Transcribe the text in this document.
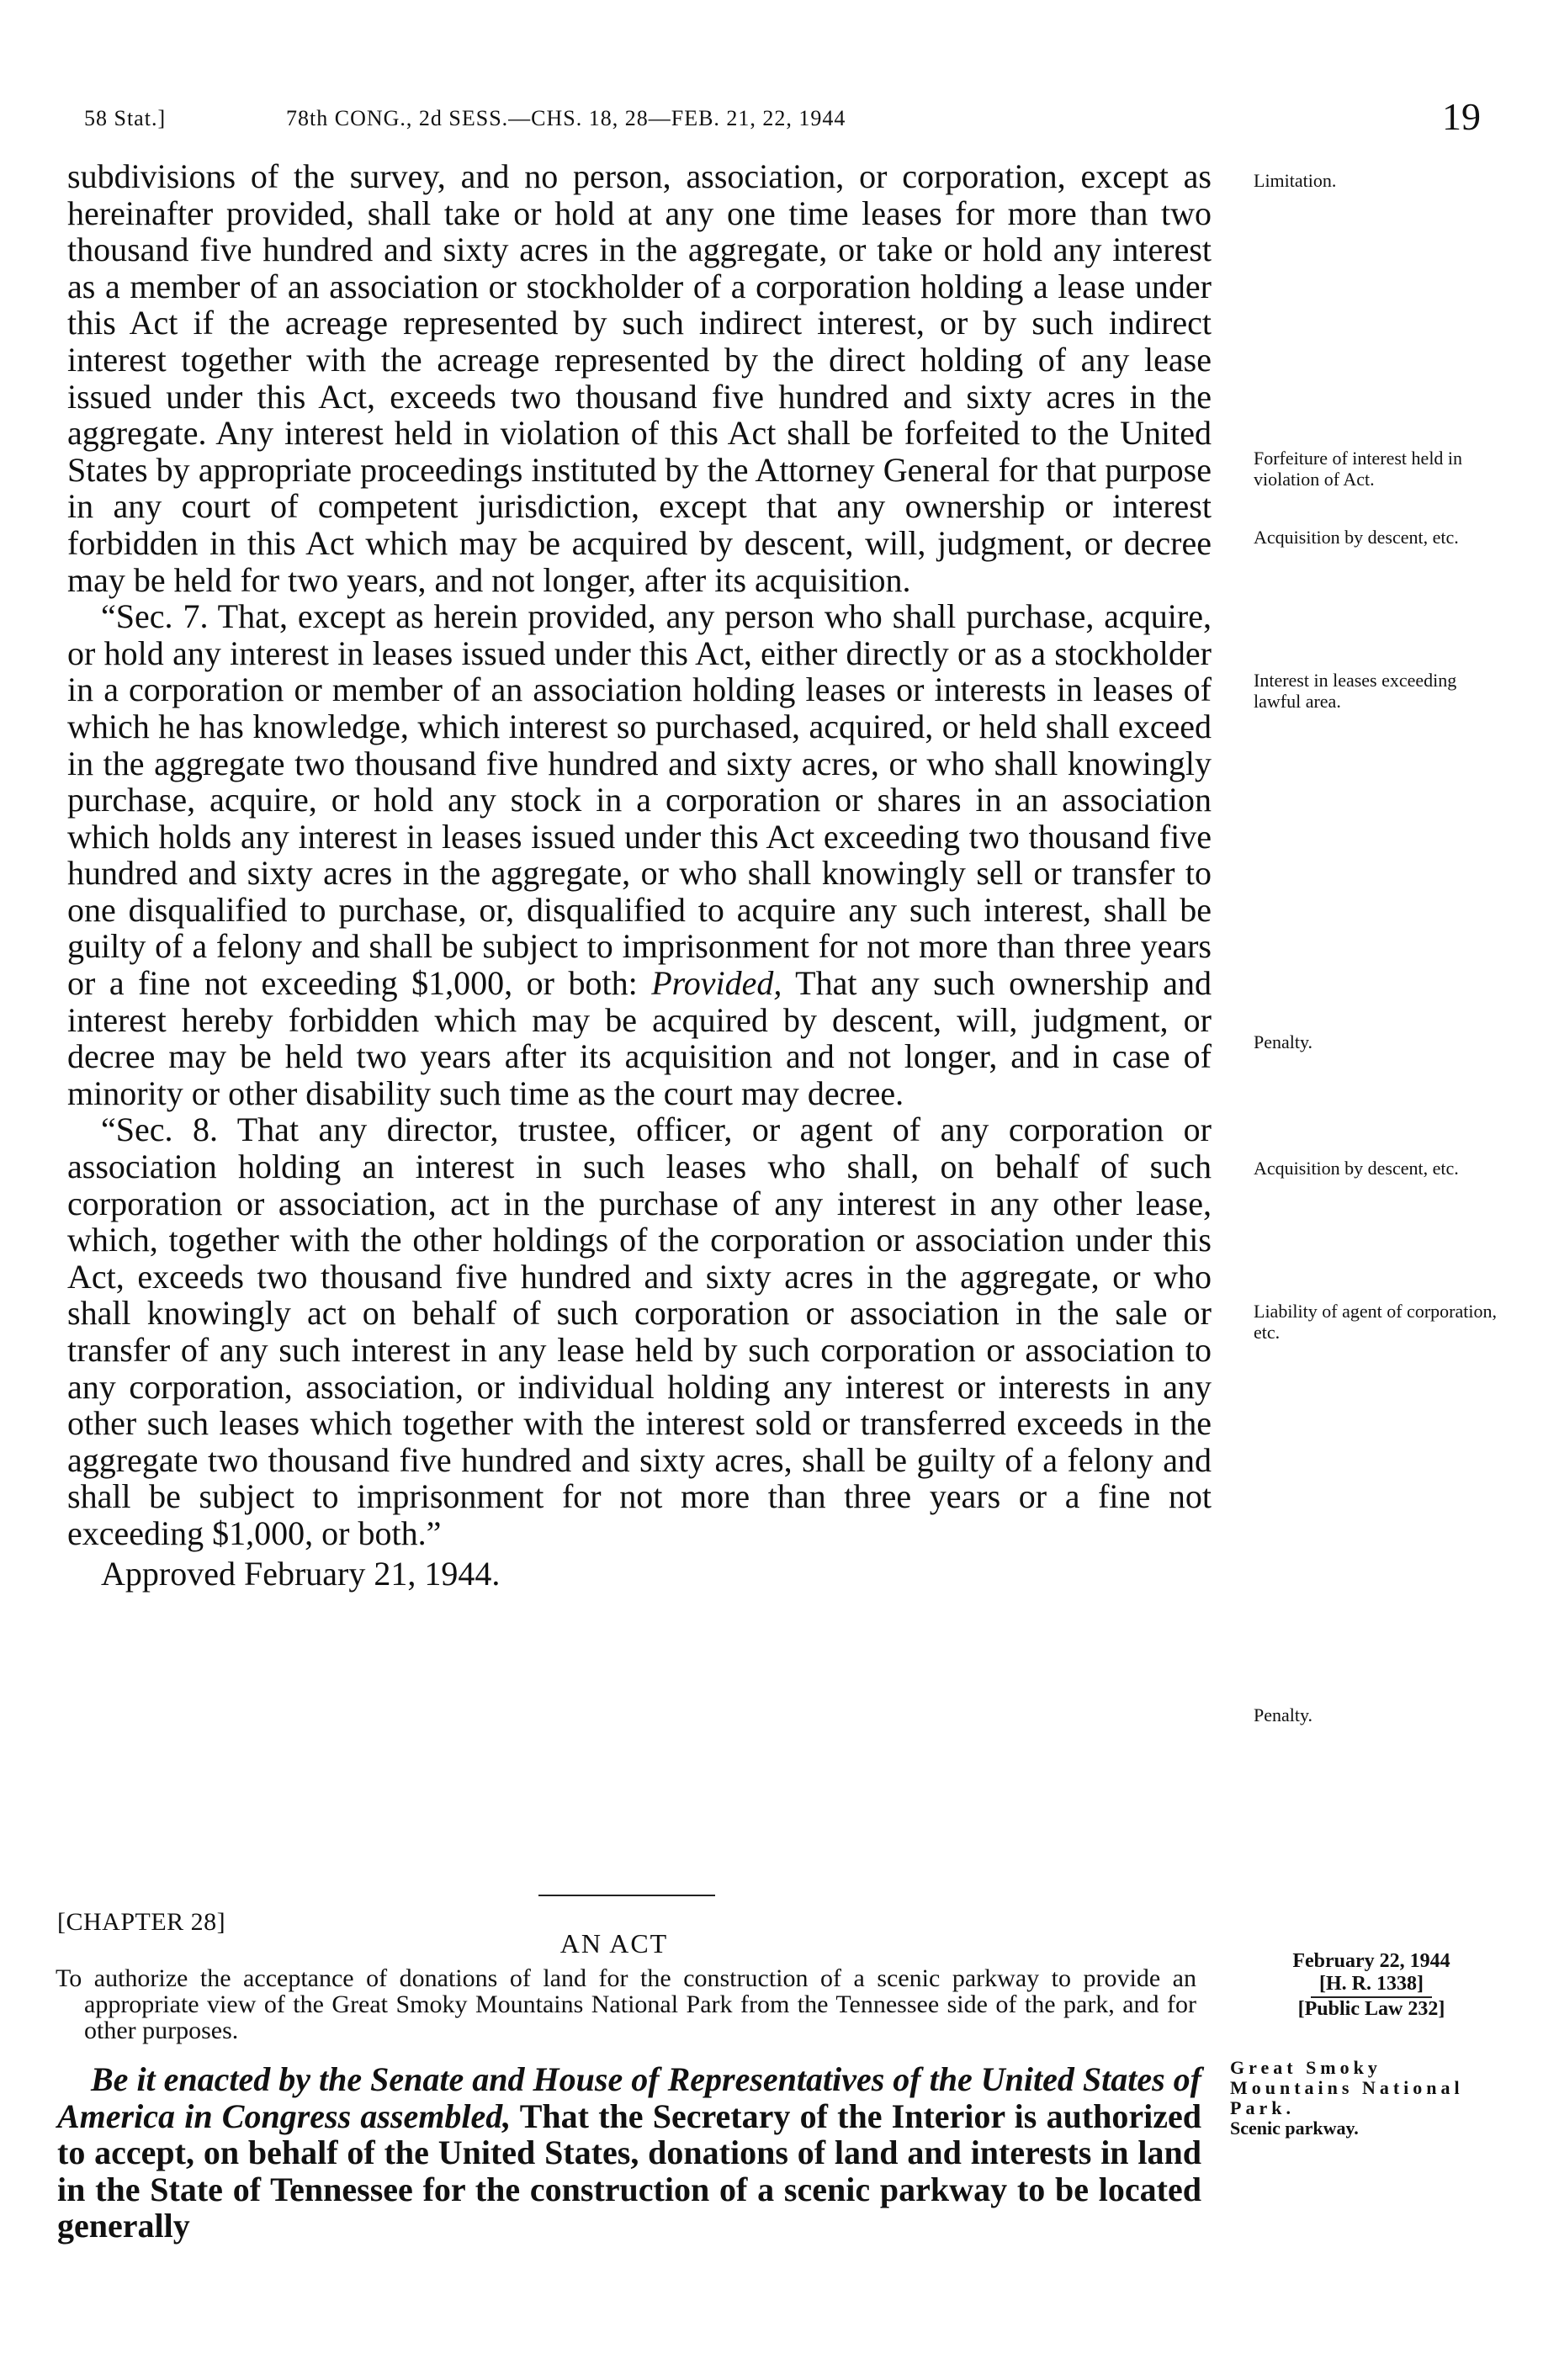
58 Stat.]	78th CONG., 2d SESS.—CHS. 18, 28—FEB. 21, 22, 1944	19

subdivisions of the survey, and no person, association, or corporation, except as hereinafter provided, shall take or hold at any one time leases for more than two thousand five hundred and sixty acres in the aggregate, or take or hold any interest as a member of an association or stockholder of a corporation holding a lease under this Act if the acreage represented by such indirect interest, or by such indirect interest together with the acreage represented by the direct holding of any lease issued under this Act, exceeds two thousand five hundred and sixty acres in the aggregate. Any interest held in violation of this Act shall be forfeited to the United States by appropriate proceedings instituted by the Attorney General for that purpose in any court of competent jurisdiction, except that any ownership or interest forbidden in this Act which may be acquired by descent, will, judgment, or decree may be held for two years, and not longer, after its acquisition.

“Sec. 7. That, except as herein provided, any person who shall purchase, acquire, or hold any interest in leases issued under this Act, either directly or as a stockholder in a corporation or member of an association holding leases or interests in leases of which he has knowledge, which interest so purchased, acquired, or held shall exceed in the aggregate two thousand five hundred and sixty acres, or who shall knowingly purchase, acquire, or hold any stock in a corporation or shares in an association which holds any interest in leases issued under this Act exceeding two thousand five hundred and sixty acres in the aggregate, or who shall knowingly sell or transfer to one disqualified to purchase, or, disqualified to acquire any such interest, shall be guilty of a felony and shall be subject to imprisonment for not more than three years or a fine not exceeding $1,000, or both: Provided, That any such ownership and interest hereby forbidden which may be acquired by descent, will, judgment, or decree may be held two years after its acquisition and not longer, and in case of minority or other disability such time as the court may decree.

“Sec. 8. That any director, trustee, officer, or agent of any corporation or association holding an interest in such leases who shall, on behalf of such corporation or association, act in the purchase of any interest in any other lease, which, together with the other holdings of the corporation or association under this Act, exceeds two thousand five hundred and sixty acres in the aggregate, or who shall knowingly act on behalf of such corporation or association in the sale or transfer of any such interest in any lease held by such corporation or association to any corporation, association, or individual holding any interest or interests in any other such leases which together with the interest sold or transferred exceeds in the aggregate two thousand five hundred and sixty acres, shall be guilty of a felony and shall be subject to imprisonment for not more than three years or a fine not exceeding $1,000, or both.”

Approved February 21, 1944.

Limitation.
Forfeiture of interest held in violation of Act.
Acquisition by descent, etc.
Interest in leases exceeding lawful area.
Penalty.
Acquisition by descent, etc.
Liability of agent of corporation, etc.
Penalty.
[CHAPTER 28]
AN ACT
To authorize the acceptance of donations of land for the construction of a scenic parkway to provide an appropriate view of the Great Smoky Mountains National Park from the Tennessee side of the park, and for other purposes.
February 22, 1944
[H. R. 1338]
[Public Law 232]

Be it enacted by the Senate and House of Representatives of the United States of America in Congress assembled, That the Secretary of the Interior is authorized to accept, on behalf of the United States, donations of land and interests in land in the State of Tennessee for the construction of a scenic parkway to be located generally

Great Smoky Mountains National Park.
Scenic parkway.
